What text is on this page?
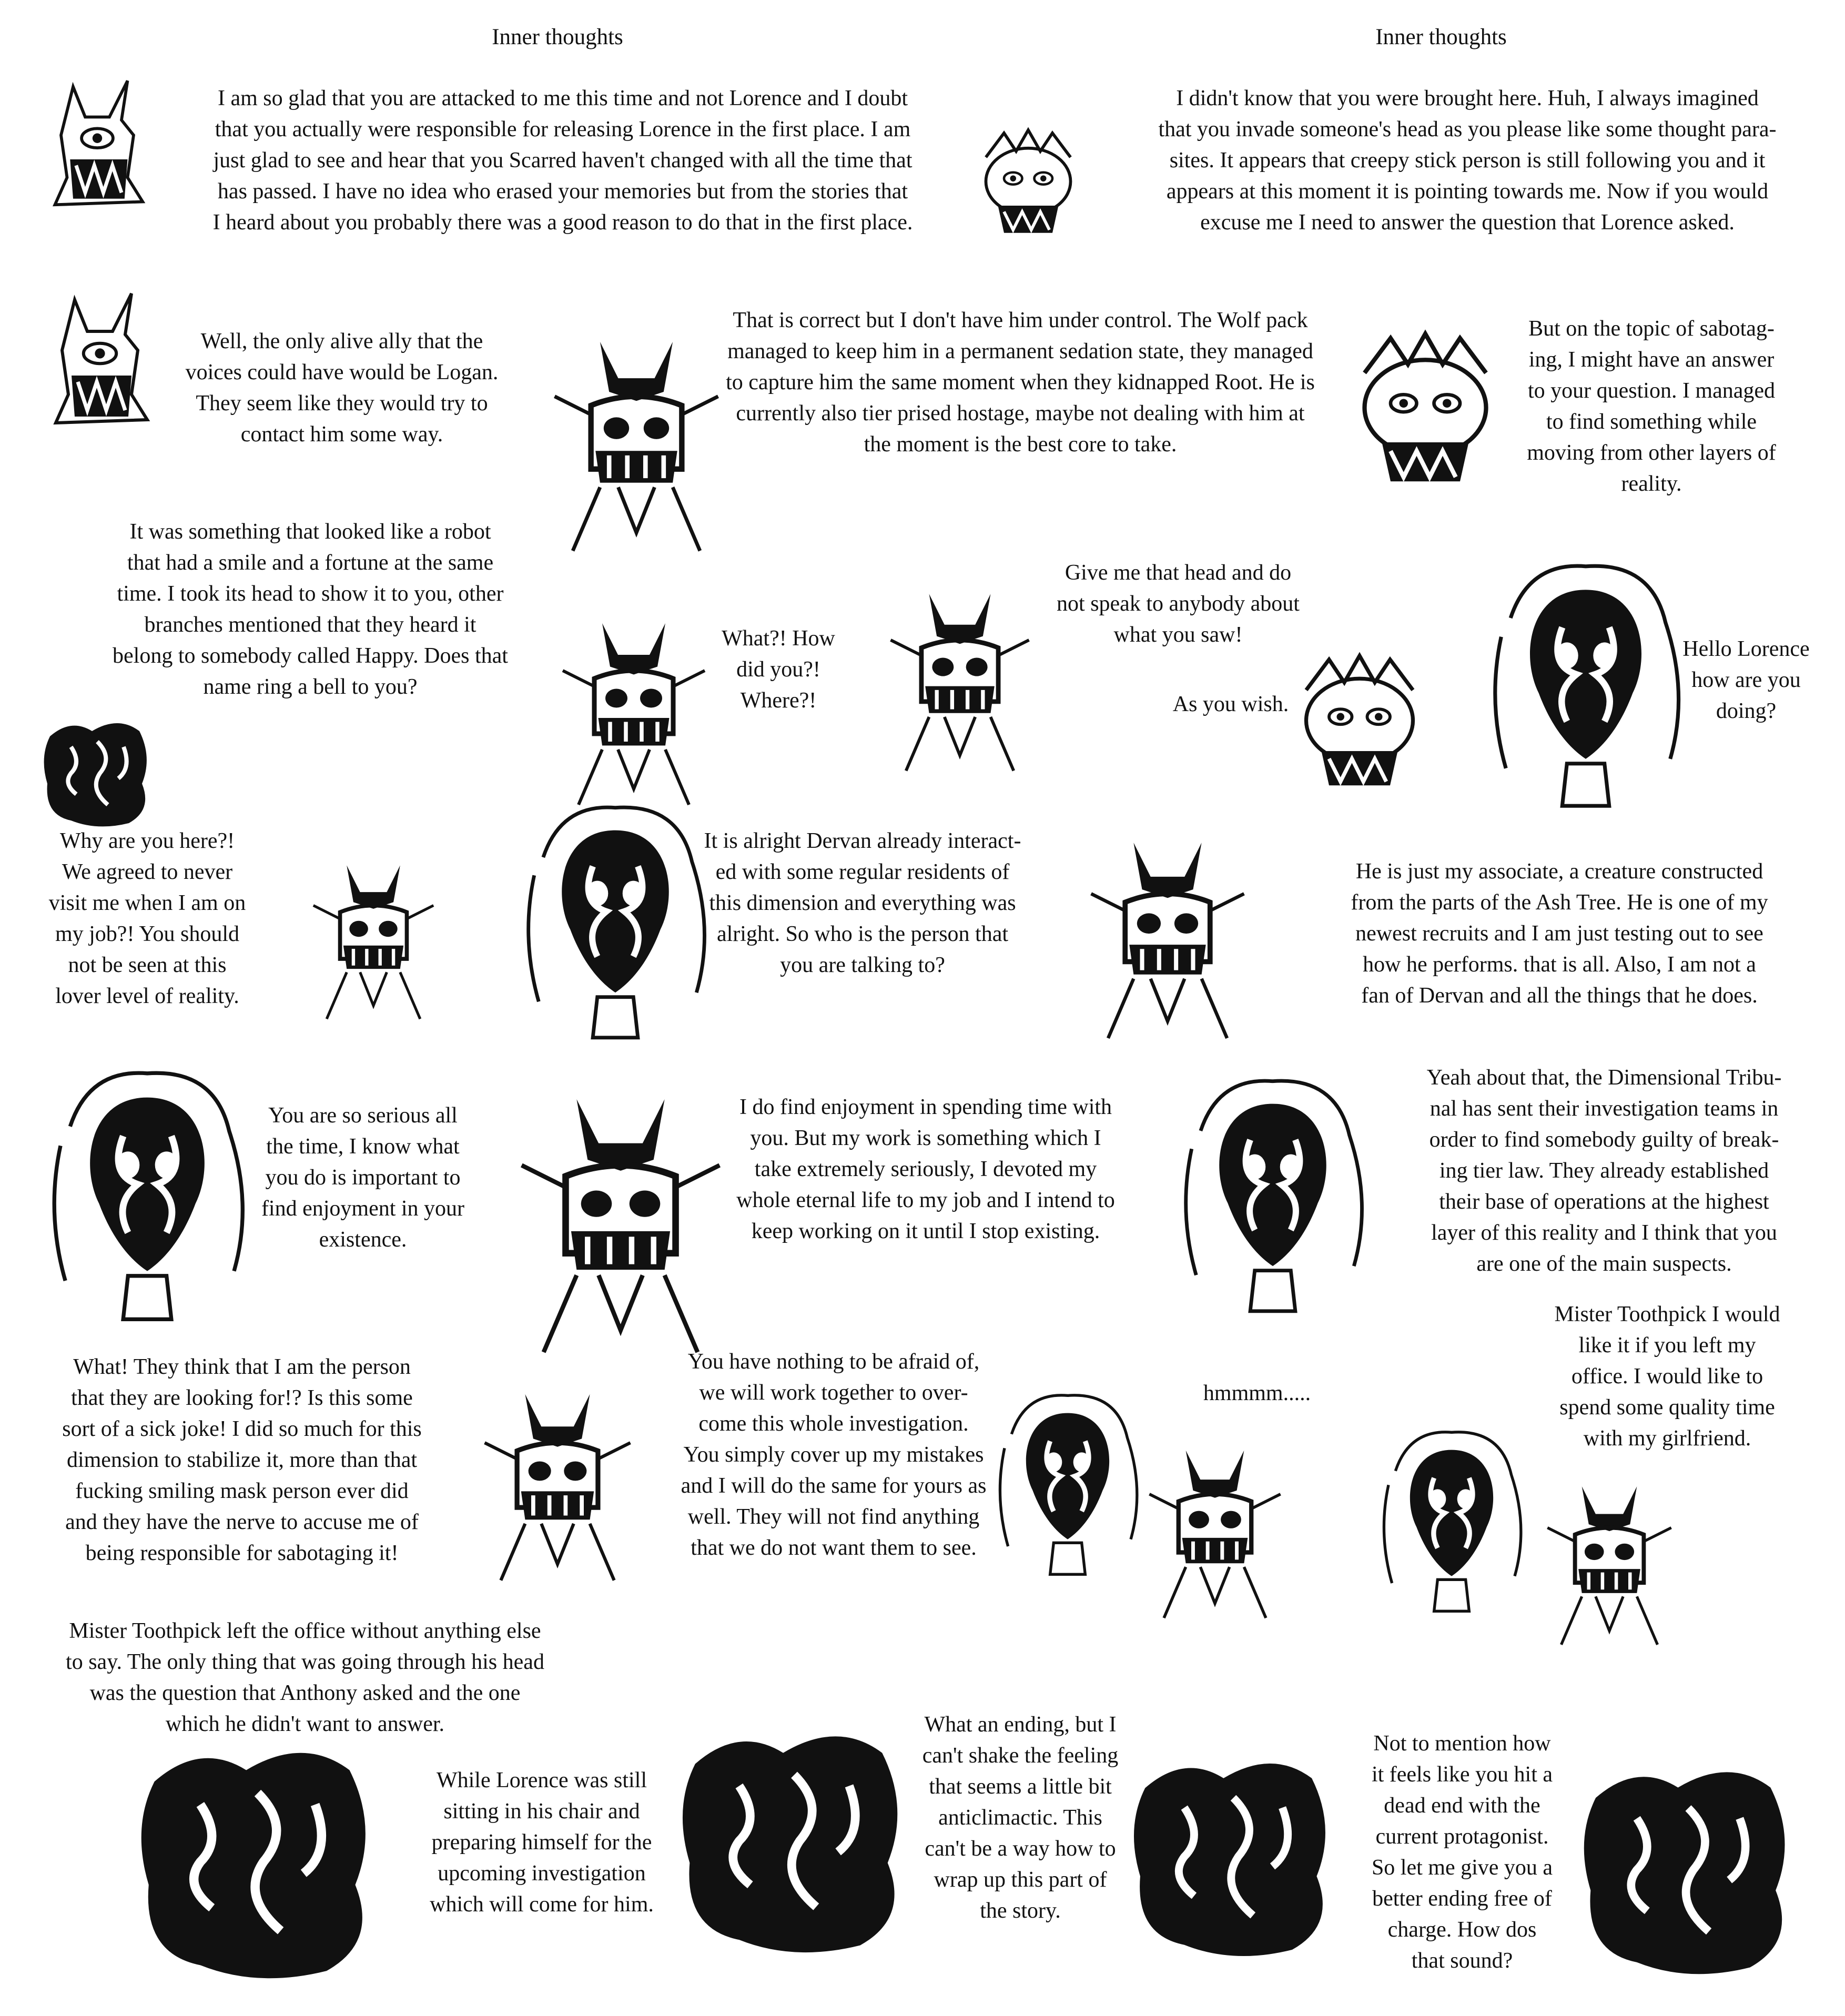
Inner thoughts	Inner thoughts
I am so glad that you are attacked to me this time and not Lorence and I doubt
that you actually were responsible for releasing Lorence in the first place. I am
just glad to see and hear that you Scarred haven't changed with all the time that
has passed. I have no idea who erased your memories but from the stories that
I heard about you probably there was a good reason to do that in the first place.
I didn't know that you were brought here. Huh, I always imagined
that you invade someone's head as you please like some thought para-
sites. It appears that creepy stick person is still following you and it
appears at this moment it is pointing towards me. Now if you would
excuse me I need to answer the question that Lorence asked.
Well, the only alive ally that the
voices could have would be Logan.
They seem like they would try to
contact him some way.
That is correct but I don't have him under control. The Wolf pack
managed to keep him in a permanent sedation state, they managed
to capture him the same moment when they kidnapped Root. He is
currently also tier prised hostage, maybe not dealing with him at
the moment is the best core to take.
But on the topic of sabotag-
ing, I might have an answer
to your question. I managed
to find something while
moving from other layers of
reality.
It was something that looked like a robot
that had a smile and a fortune at the same
time. I took its head to show it to you, other
branches mentioned that they heard it
belong to somebody called Happy. Does that
name ring a bell to you?
What?! How
did you?!
Where?!
Give me that head and do
not speak to anybody about
what you saw!
As you wish.
Hello Lorence
how are you
doing?
Why are you here?!
We agreed to never
visit me when I am on
my job?! You should
not be seen at this
lover level of reality.
It is alright Dervan already interact-
ed with some regular residents of
this dimension and everything was
alright. So who is the person that
you are talking to?
He is just my associate, a creature constructed
from the parts of the Ash Tree. He is one of my
newest recruits and I am just testing out to see
how he performs. that is all. Also, I am not a
fan of Dervan and all the things that he does.
You are so serious all
the time, I know what
you do is important to
find enjoyment in your
existence.
I do find enjoyment in spending time with
you. But my work is something which I
take extremely seriously, I devoted my
whole eternal life to my job and I intend to
keep working on it until I stop existing.
Yeah about that, the Dimensional Tribu-
nal has sent their investigation teams in
order to find somebody guilty of break-
ing tier law. They already established
their base of operations at the highest
layer of this reality and I think that you
are one of the main suspects.
What! They think that I am the person
that they are looking for!? Is this some
sort of a sick joke! I did so much for this
dimension to stabilize it, more than that
fucking smiling mask person ever did
and they have the nerve to accuse me of
being responsible for sabotaging it!
You have nothing to be afraid of,
we will work together to over-
come this whole investigation.
You simply cover up my mistakes
and I will do the same for yours as
well. They will not find anything
that we do not want them to see.
hmmmm.....
Mister Toothpick I would
like it if you left my
office. I would like to
spend some quality time
with my girlfriend.
Mister Toothpick left the office without anything else
to say. The only thing that was going through his head
was the question that Anthony asked and the one
which he didn't want to answer.
While Lorence was still
sitting in his chair and
preparing himself for the
upcoming investigation
which will come for him.
What an ending, but I
can't shake the feeling
that seems a little bit
anticlimactic. This
can't be a way how to
wrap up this part of
the story.
Not to mention how
it feels like you hit a
dead end with the
current protagonist.
So let me give you a
better ending free of
charge. How dos
that sound?
